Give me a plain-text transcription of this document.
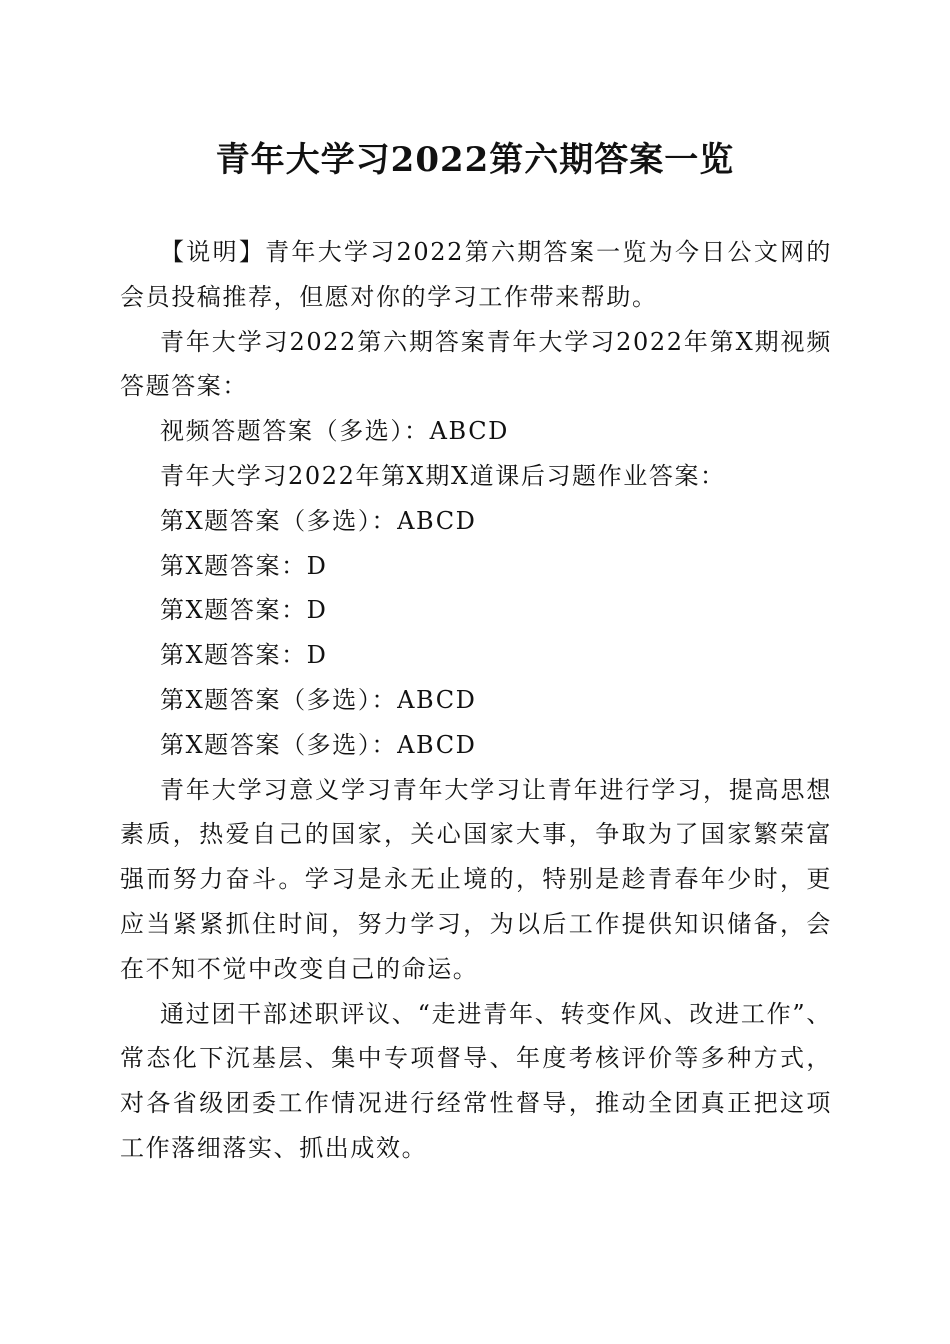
青年大学习2022第六期答案一览

【说明】青年大学习2022第六期答案一览为今日公文网的会员投稿推荐，但愿对你的学习工作带来帮助。

青年大学习2022第六期答案青年大学习2022年第X期视频答题答案：

视频答题答案（多选）：ABCD

青年大学习2022年第X期X道课后习题作业答案：

第X题答案（多选）：ABCD

第X题答案：D

第X题答案：D

第X题答案：D

第X题答案（多选）：ABCD

第X题答案（多选）：ABCD

青年大学习意义学习青年大学习让青年进行学习，提高思想素质，热爱自己的国家，关心国家大事，争取为了国家繁荣富强而努力奋斗。学习是永无止境的，特别是趁青春年少时，更应当紧紧抓住时间，努力学习，为以后工作提供知识储备，会在不知不觉中改变自己的命运。

通过团干部述职评议、“走进青年、转变作风、改进工作”、常态化下沉基层、集中专项督导、年度考核评价等多种方式，对各省级团委工作情况进行经常性督导，推动全团真正把这项工作落细落实、抓出成效。
